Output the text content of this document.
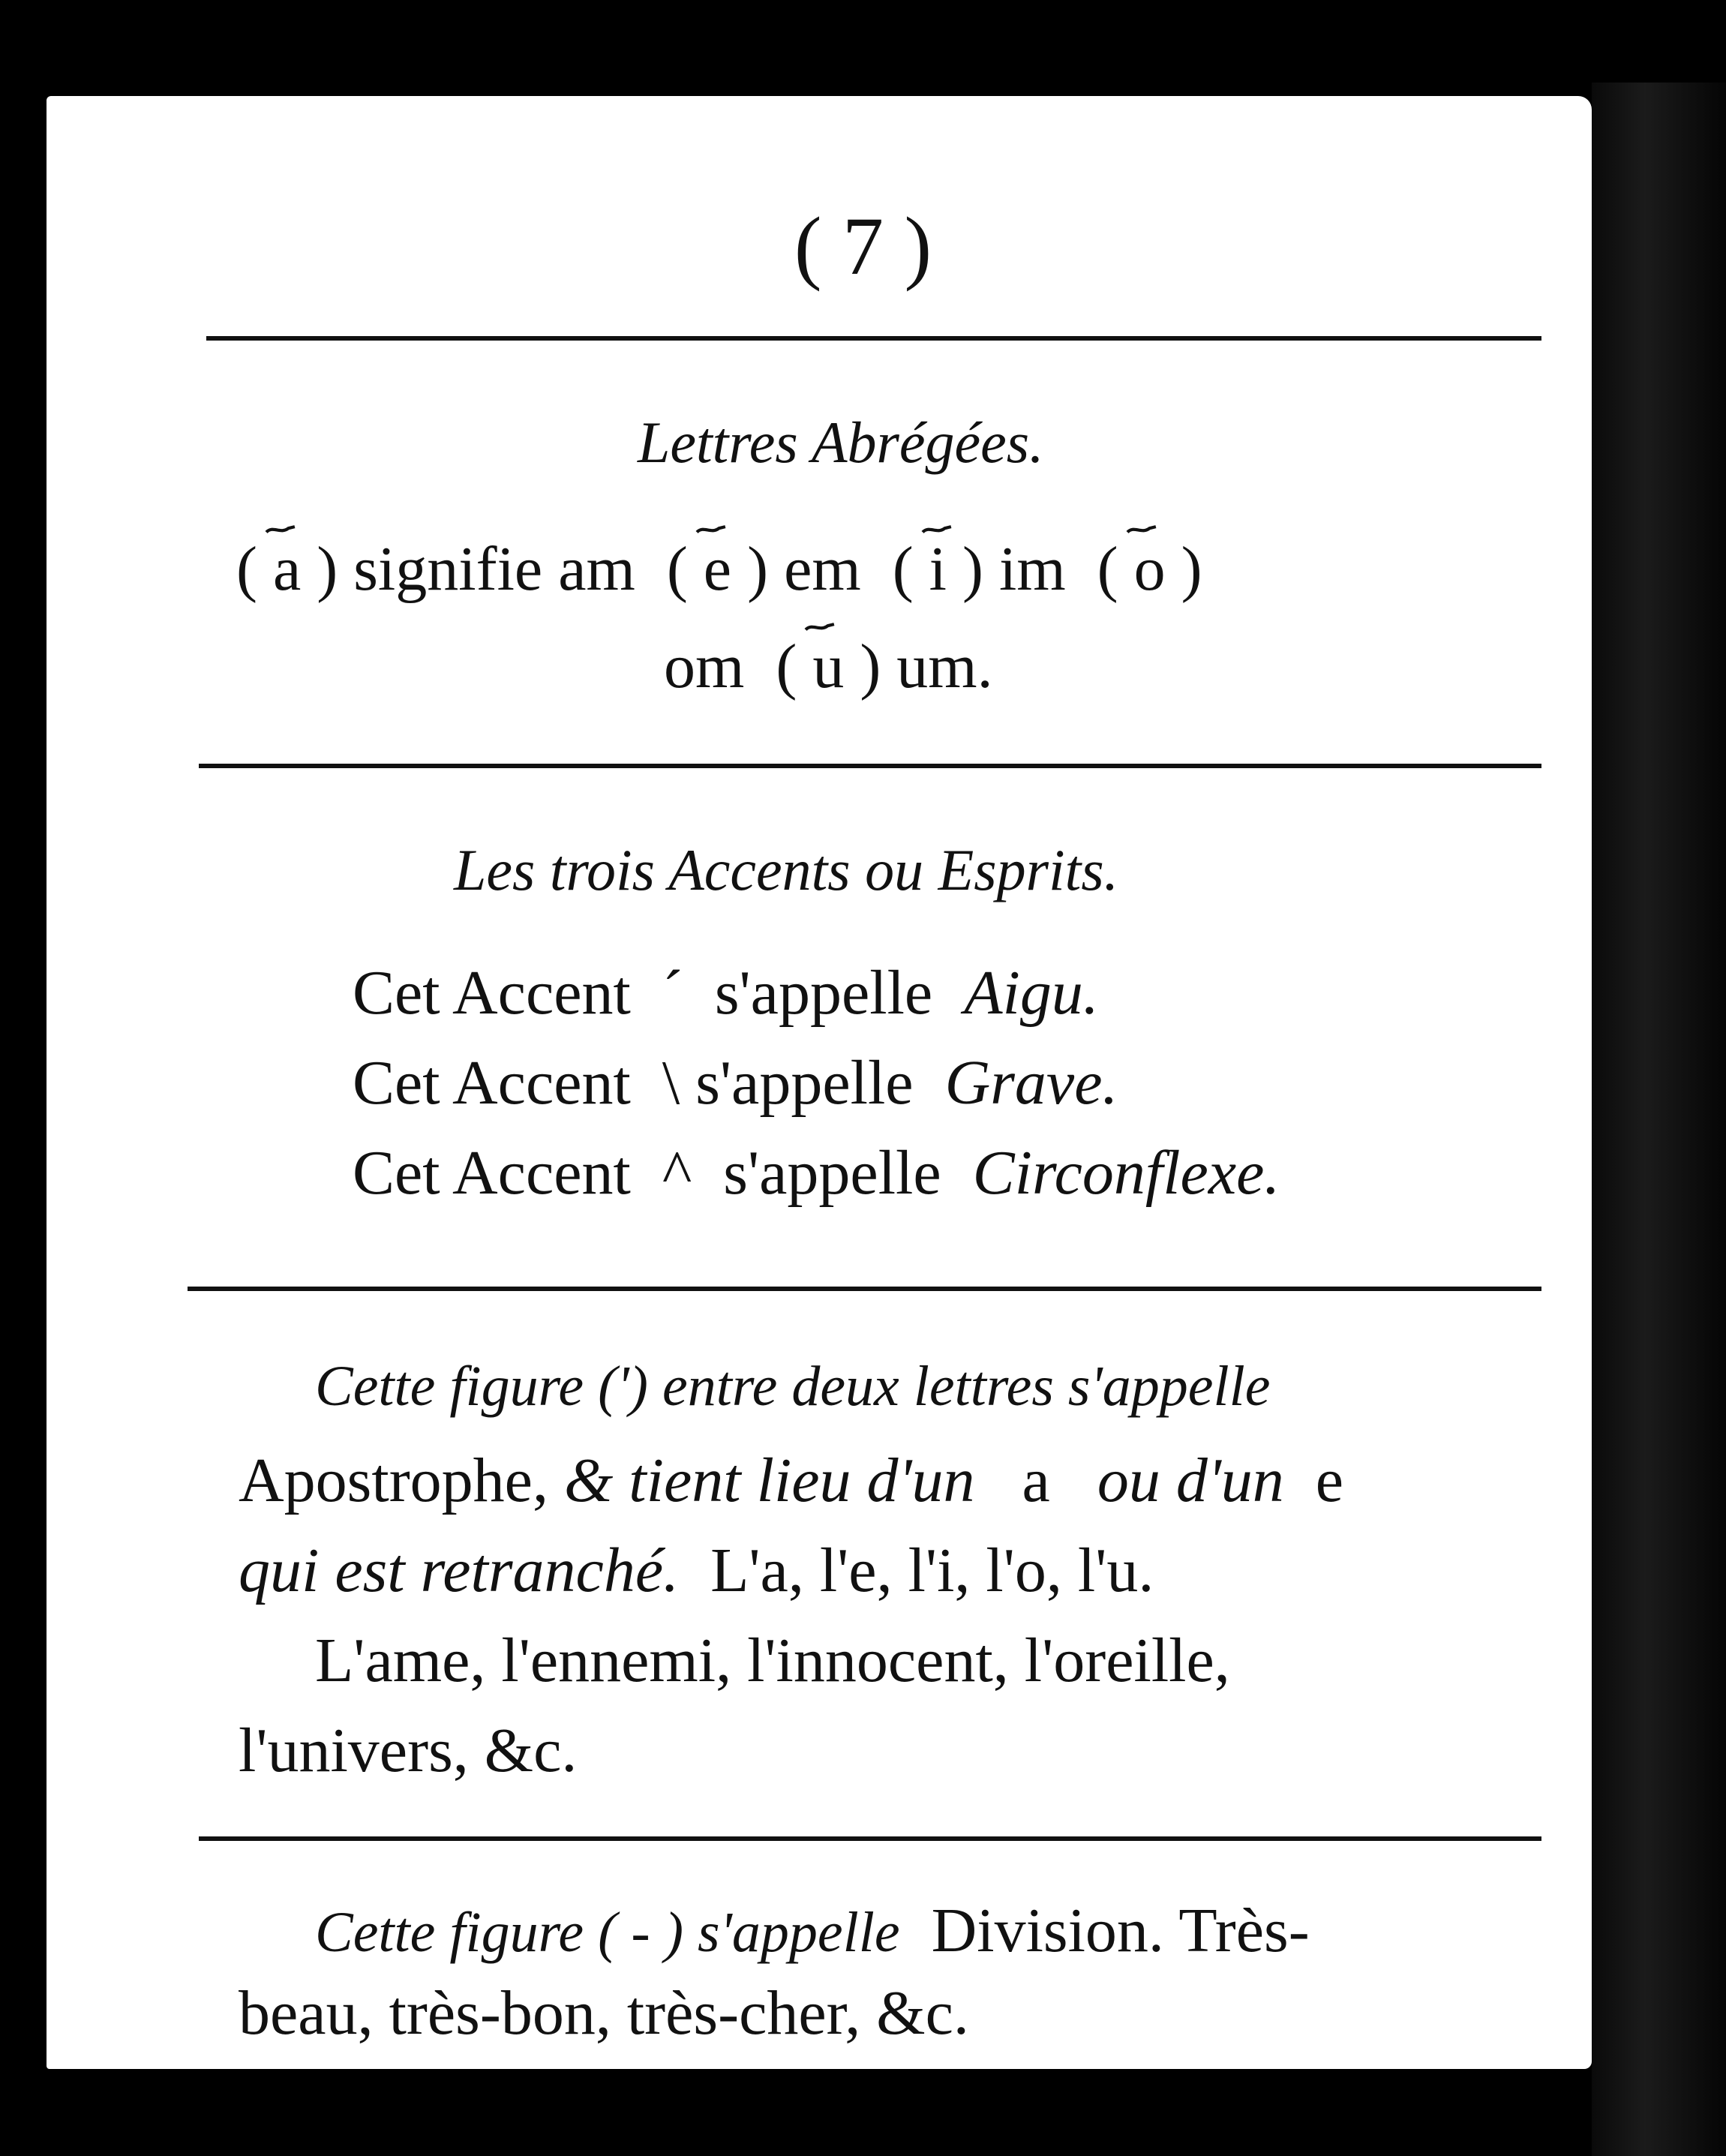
( 7 )
Lettres Abrégées.
( a ) signifie am ( e ) em ( i ) im ( o )
om ( u ) um.
Les trois Accents ou Esprits.
Cet Accent ´ s'appelle Aigu.
Cet Accent \ s'appelle Grave.
Cet Accent ^ s'appelle Circonflexe.
Cette figure (') entre deux lettres s'appelle
Apostrophe, & tient lieu d'un a ou d'un e
qui est retranché. L'a, l'e, l'i, l'o, l'u.
L'ame, l'ennemi, l'innocent, l'oreille,
l'univers, &c.
Cette figure ( - ) s'appelle Division. Très-
beau, très-bon, très-cher, &c.
